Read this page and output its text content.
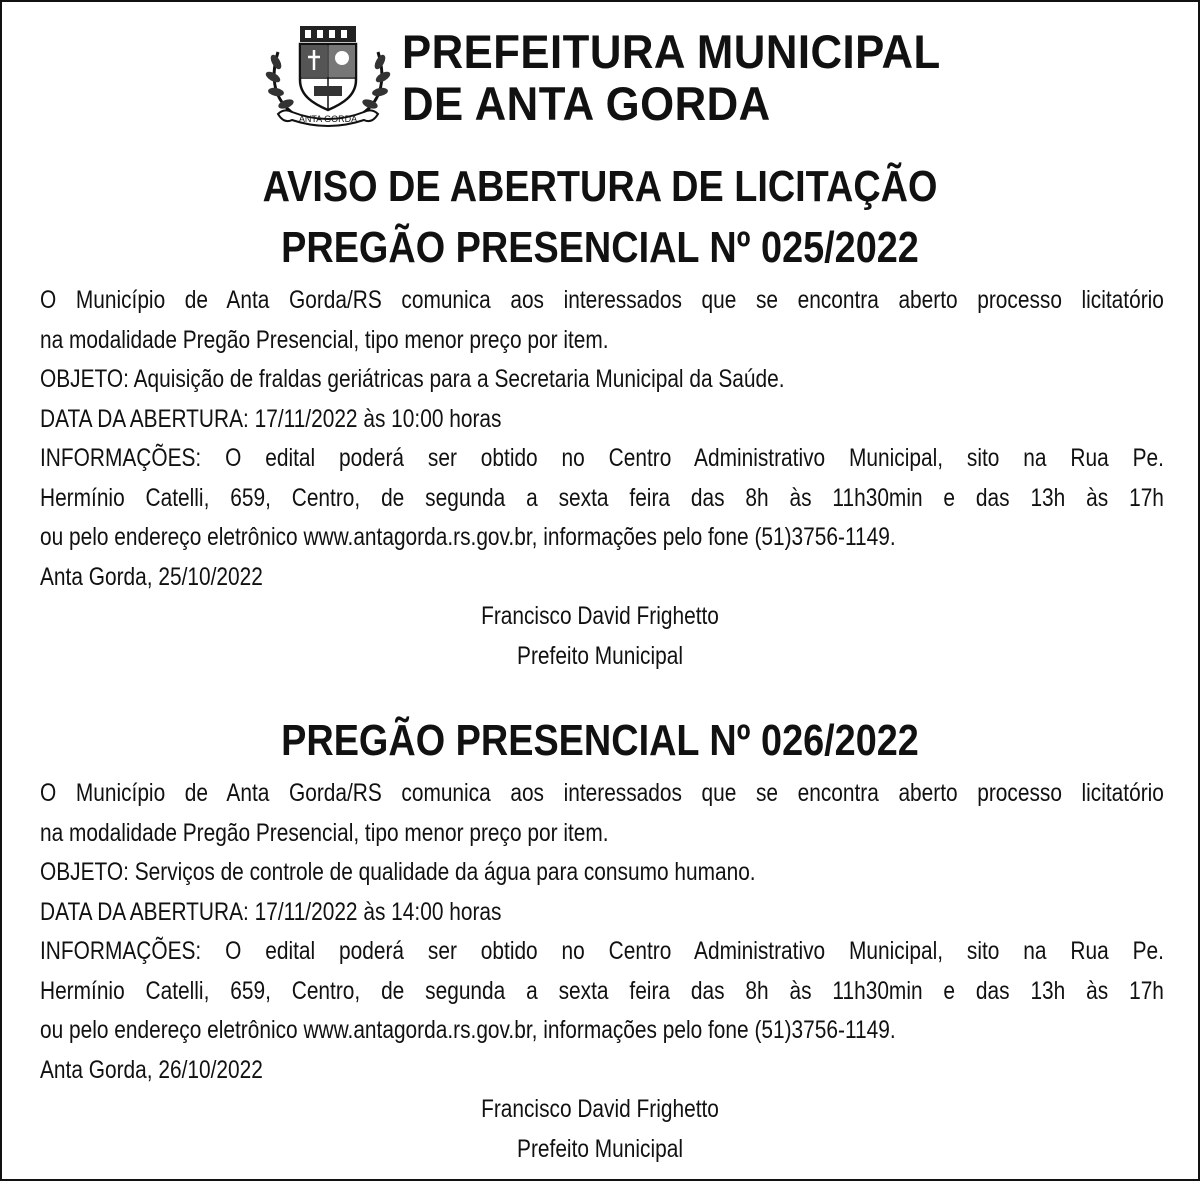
ANTA GORDA
PREFEITURA MUNICIPAL
DE ANTA GORDA
AVISO DE ABERTURA DE LICITAÇÃO
PREGÃO PRESENCIAL Nº 025/2022
O Município de Anta Gorda/RS comunica aos interessados que se encontra aberto processo licitatório
na modalidade Pregão Presencial, tipo menor preço por item.
OBJETO: Aquisição de fraldas geriátricas para a Secretaria Municipal da Saúde.
DATA DA ABERTURA: 17/11/2022 às 10:00 horas
INFORMAÇÕES: O edital poderá ser obtido no Centro Administrativo Municipal, sito na Rua Pe.
Hermínio Catelli, 659, Centro, de segunda a sexta feira das 8h às 11h30min e das 13h às 17h
ou pelo endereço eletrônico www.antagorda.rs.gov.br, informações pelo fone (51)3756-1149.
Anta Gorda, 25/10/2022
Francisco David Frighetto
Prefeito Municipal
PREGÃO PRESENCIAL Nº 026/2022
O Município de Anta Gorda/RS comunica aos interessados que se encontra aberto processo licitatório
na modalidade Pregão Presencial, tipo menor preço por item.
OBJETO: Serviços de controle de qualidade da água para consumo humano.
DATA DA ABERTURA: 17/11/2022 às 14:00 horas
INFORMAÇÕES: O edital poderá ser obtido no Centro Administrativo Municipal, sito na Rua Pe.
Hermínio Catelli, 659, Centro, de segunda a sexta feira das 8h às 11h30min e das 13h às 17h
ou pelo endereço eletrônico www.antagorda.rs.gov.br, informações pelo fone (51)3756-1149.
Anta Gorda, 26/10/2022
Francisco David Frighetto
Prefeito Municipal
